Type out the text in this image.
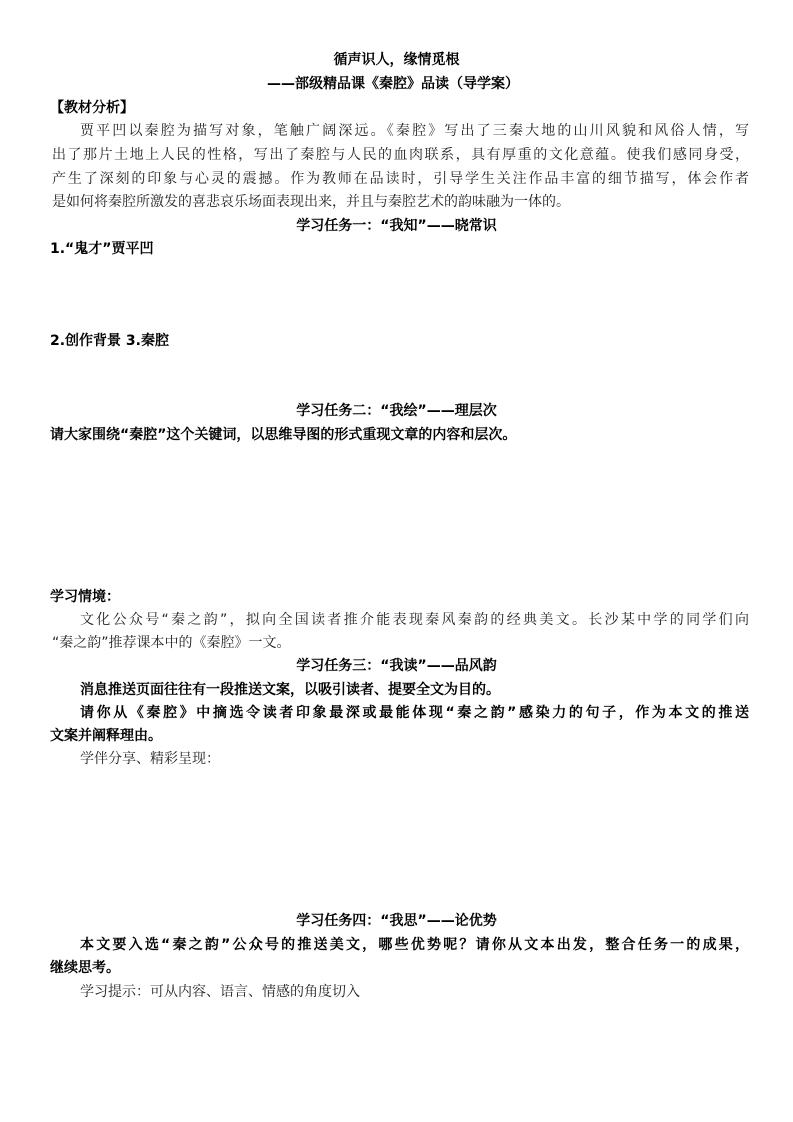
循声识人，缘情觅根
——部级精品课《秦腔》品读（导学案）
【教材分析】
贾平凹以秦腔为描写对象，笔触广阔深远。《秦腔》写出了三秦大地的山川风貌和风俗人情，写
出了那片土地上人民的性格，写出了秦腔与人民的血肉联系，具有厚重的文化意蕴。使我们感同身受，
产生了深刻的印象与心灵的震撼。作为教师在品读时，引导学生关注作品丰富的细节描写，体会作者
是如何将秦腔所激发的喜悲哀乐场面表现出来，并且与秦腔艺术的韵味融为一体的。
学习任务一：“我知”——晓常识
1.“鬼才”贾平凹
2.创作背景 3.秦腔
学习任务二：“我绘”——理层次
请大家围绕“秦腔”这个关键词，以思维导图的形式重现文章的内容和层次。
学习情境：
文化公众号“秦之韵”，拟向全国读者推介能表现秦风秦韵的经典美文。长沙某中学的同学们向
“秦之韵”推荐课本中的《秦腔》一文。
学习任务三：“我读”——品风韵
消息推送页面往往有一段推送文案，以吸引读者、提要全文为目的。
请你从《秦腔》中摘选令读者印象最深或最能体现“秦之韵”感染力的句子，作为本文的推送
文案并阐释理由。
学伴分享、精彩呈现：
学习任务四：“我思”——论优势
本文要入选“秦之韵”公众号的推送美文，哪些优势呢？请你从文本出发，整合任务一的成果，
继续思考。
学习提示：可从内容、语言、情感的角度切入
